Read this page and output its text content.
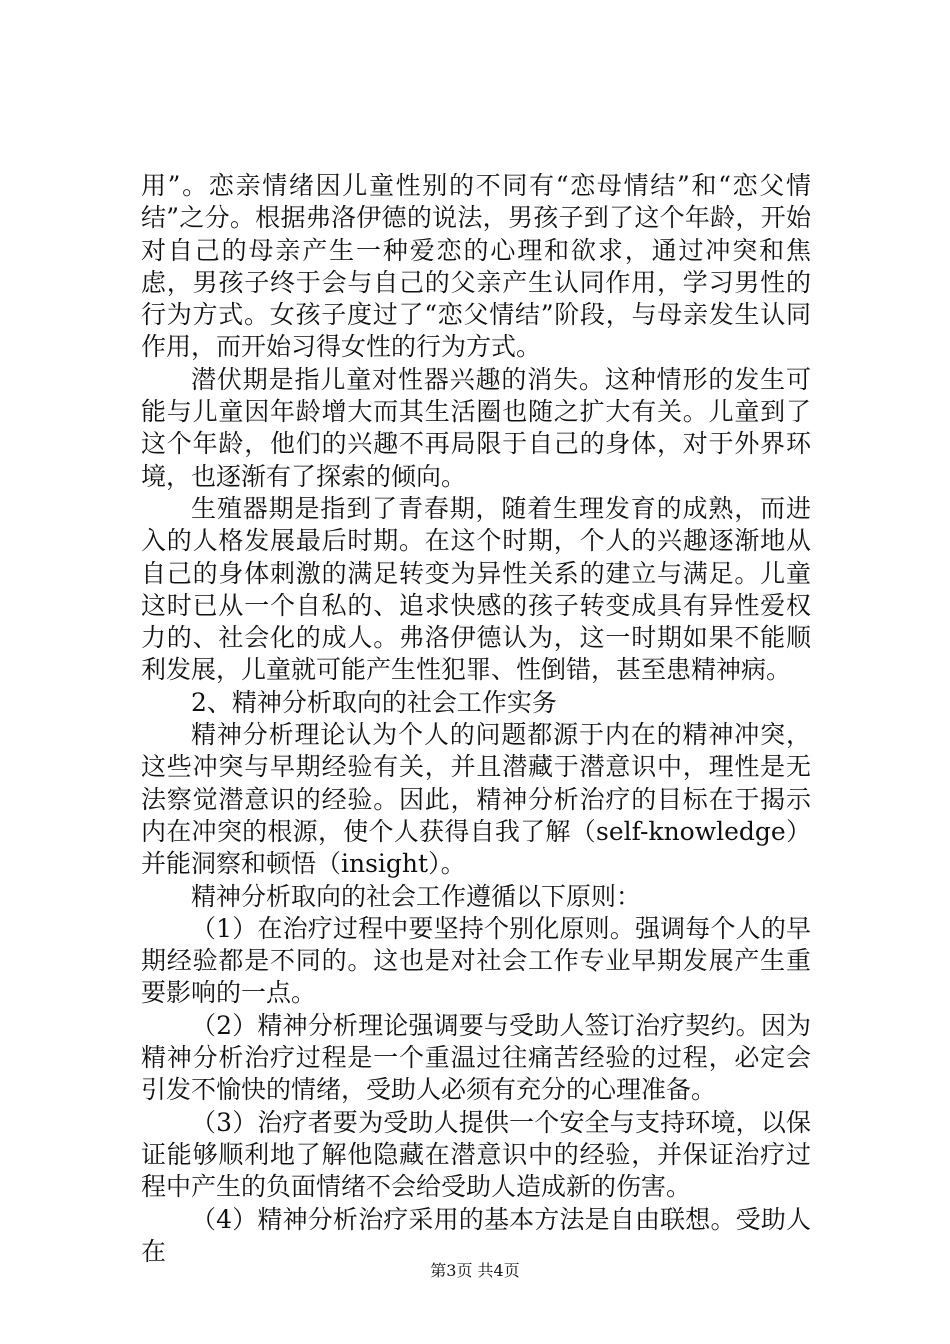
用”。恋亲情绪因儿童性别的不同有“恋母情结”和“恋父情结”之分。根据弗洛伊德的说法，男孩子到了这个年龄，开始对自己的母亲产生一种爱恋的心理和欲求，通过冲突和焦虑，男孩子终于会与自己的父亲产生认同作用，学习男性的行为方式。女孩子度过了“恋父情结”阶段，与母亲发生认同作用，而开始习得女性的行为方式。

潜伏期是指儿童对性器兴趣的消失。这种情形的发生可能与儿童因年龄增大而其生活圈也随之扩大有关。儿童到了这个年龄，他们的兴趣不再局限于自己的身体，对于外界环境，也逐渐有了探索的倾向。

生殖器期是指到了青春期，随着生理发育的成熟，而进入的人格发展最后时期。在这个时期，个人的兴趣逐渐地从自己的身体刺激的满足转变为异性关系的建立与满足。儿童这时已从一个自私的、追求快感的孩子转变成具有异性爱权力的、社会化的成人。弗洛伊德认为，这一时期如果不能顺利发展，儿童就可能产生性犯罪、性倒错，甚至患精神病。

2、精神分析取向的社会工作实务

精神分析理论认为个人的问题都源于内在的精神冲突，这些冲突与早期经验有关，并且潜藏于潜意识中，理性是无法察觉潜意识的经验。因此，精神分析治疗的目标在于揭示内在冲突的根源，使个人获得自我了解（self-knowledge）并能洞察和顿悟（insight）。

精神分析取向的社会工作遵循以下原则：

（1）在治疗过程中要坚持个别化原则。强调每个人的早期经验都是不同的。这也是对社会工作专业早期发展产生重要影响的一点。

（2）精神分析理论强调要与受助人签订治疗契约。因为精神分析治疗过程是一个重温过往痛苦经验的过程，必定会引发不愉快的情绪，受助人必须有充分的心理准备。

（3）治疗者要为受助人提供一个安全与支持环境，以保证能够顺利地了解他隐藏在潜意识中的经验，并保证治疗过程中产生的负面情绪不会给受助人造成新的伤害。

（4）精神分析治疗采用的基本方法是自由联想。受助人在

第3页 共4页
